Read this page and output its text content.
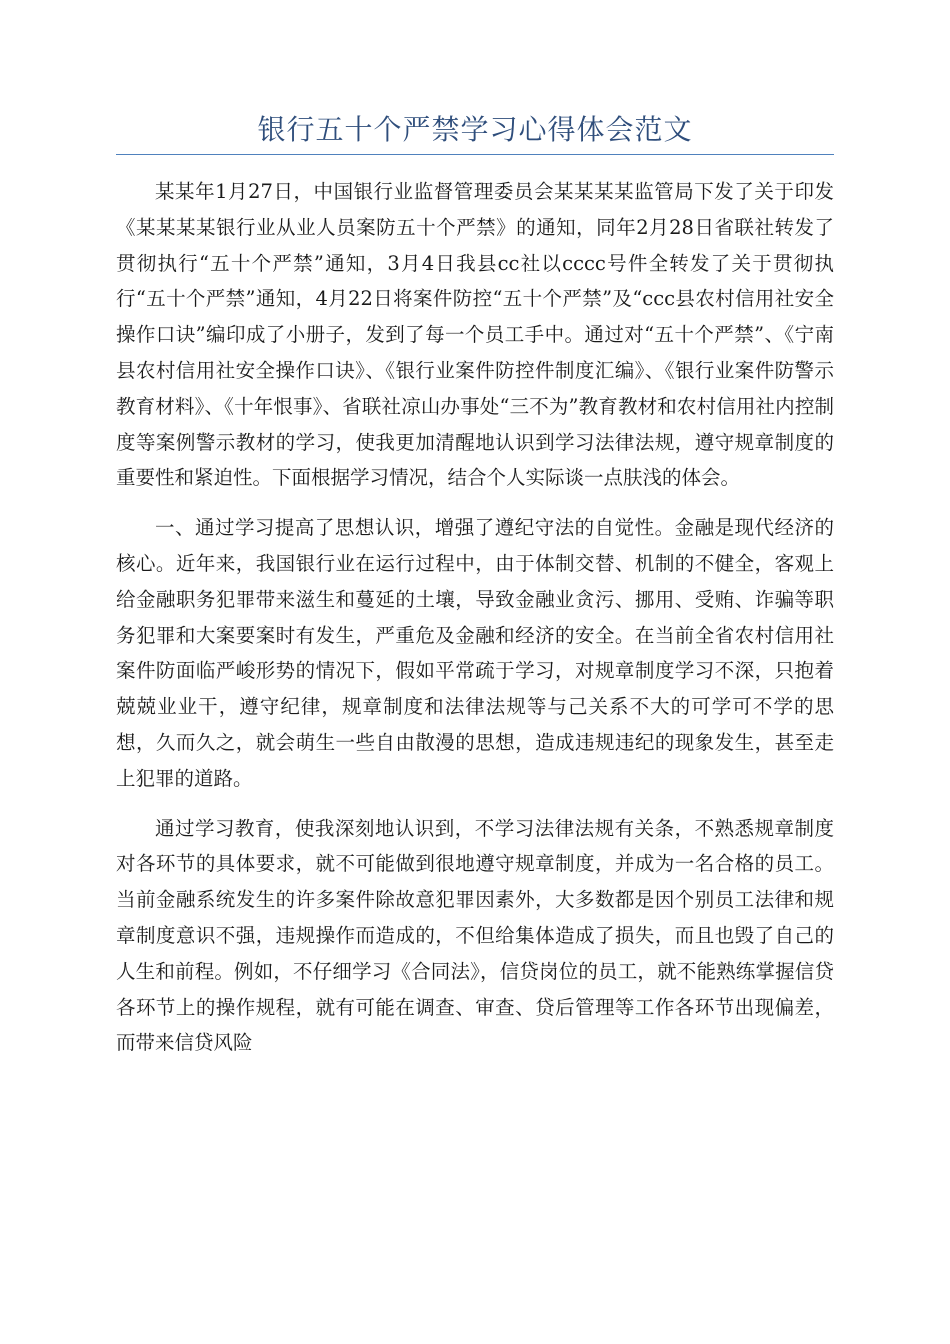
银行五十个严禁学习心得体会范文

某某年1月27日，中国银行业监督管理委员会某某某某监管局下发了关于印发《某某某某银行业从业人员案防五十个严禁》的通知，同年2月28日省联社转发了贯彻执行“五十个严禁”通知，3月4日我县cc社以cccc号件全转发了关于贯彻执行“五十个严禁”通知，4月22日将案件防控“五十个严禁”及“ccc县农村信用社安全操作口诀”编印成了小册子，发到了每一个员工手中。通过对“五十个严禁”、《宁南县农村信用社安全操作口诀》、《银行业案件防控件制度汇编》、《银行业案件防警示教育材料》、《十年恨事》、省联社凉山办事处“三不为”教育教材和农村信用社内控制度等案例警示教材的学习，使我更加清醒地认识到学习法律法规，遵守规章制度的重要性和紧迫性。下面根据学习情况，结合个人实际谈一点肤浅的体会。

一、通过学习提高了思想认识，增强了遵纪守法的自觉性。金融是现代经济的核心。近年来，我国银行业在运行过程中，由于体制交替、机制的不健全，客观上给金融职务犯罪带来滋生和蔓延的土壤，导致金融业贪污、挪用、受贿、诈骗等职务犯罪和大案要案时有发生，严重危及金融和经济的安全。在当前全省农村信用社案件防面临严峻形势的情况下，假如平常疏于学习，对规章制度学习不深，只抱着兢兢业业干，遵守纪律，规章制度和法律法规等与己关系不大的可学可不学的思想，久而久之，就会萌生一些自由散漫的思想，造成违规违纪的现象发生，甚至走上犯罪的道路。

通过学习教育，使我深刻地认识到，不学习法律法规有关条，不熟悉规章制度对各环节的具体要求，就不可能做到很地遵守规章制度，并成为一名合格的员工。当前金融系统发生的许多案件除故意犯罪因素外，大多数都是因个别员工法律和规章制度意识不强，违规操作而造成的，不但给集体造成了损失，而且也毁了自己的人生和前程。例如，不仔细学习《合同法》，信贷岗位的员工，就不能熟练掌握信贷各环节上的操作规程，就有可能在调查、审查、贷后管理等工作各环节出现偏差，而带来信贷风险
